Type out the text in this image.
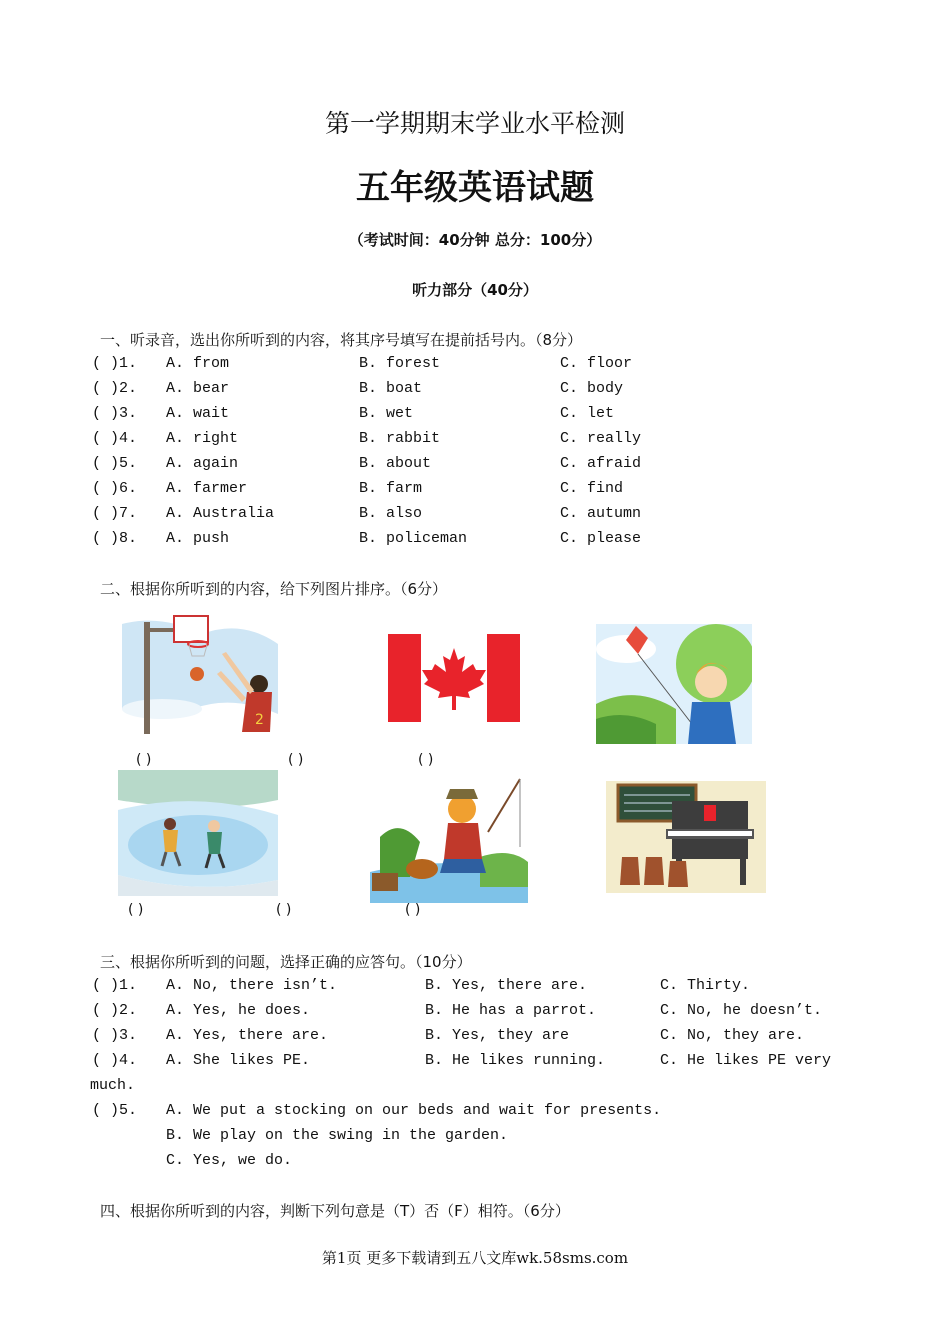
第一学期期末学业水平检测
五年级英语试题
（考试时间：40分钟 总分：100分）
听力部分（40分）
一、听录音，选出你所听到的内容，将其序号填写在提前括号内。（8分）
( )1. A. from	B. forest	C. floor
( )2. A. bear	B. boat	C. body
( )3. A. wait	B. wet	C. let
( )4. A. right	B. rabbit	C. really
( )5. A. again	B. about	C. afraid
( )6. A. farmer	B. farm	C. find
( )7. A. Australia	B. also	C. autumn
( )8. A. push	B. policeman	C. please
二、根据你所听到的内容，给下列图片排序。（6分）
2
( )	( )	( )
( )	( )	( )
三、根据你所听到的问题，选择正确的应答句。（10分）
( )1. A. No, there isn’t.	B. Yes, there are.	C. Thirty.
( )2. A. Yes, he does.	B. He has a parrot.	C. No, he doesn’t.
( )3. A. Yes, there are.	B. Yes, they are	C. No, they are.
( )4. A. She likes PE.	B. He likes running.	C. He likes PE very
much.
( )5. A. We put a stocking on our beds and wait for presents.
B. We play on the swing in the garden.
C. Yes, we do.
四、根据你所听到的内容，判断下列句意是（T）否（F）相符。（6分）
第1页 更多下载请到五八文库wk.58sms.com
